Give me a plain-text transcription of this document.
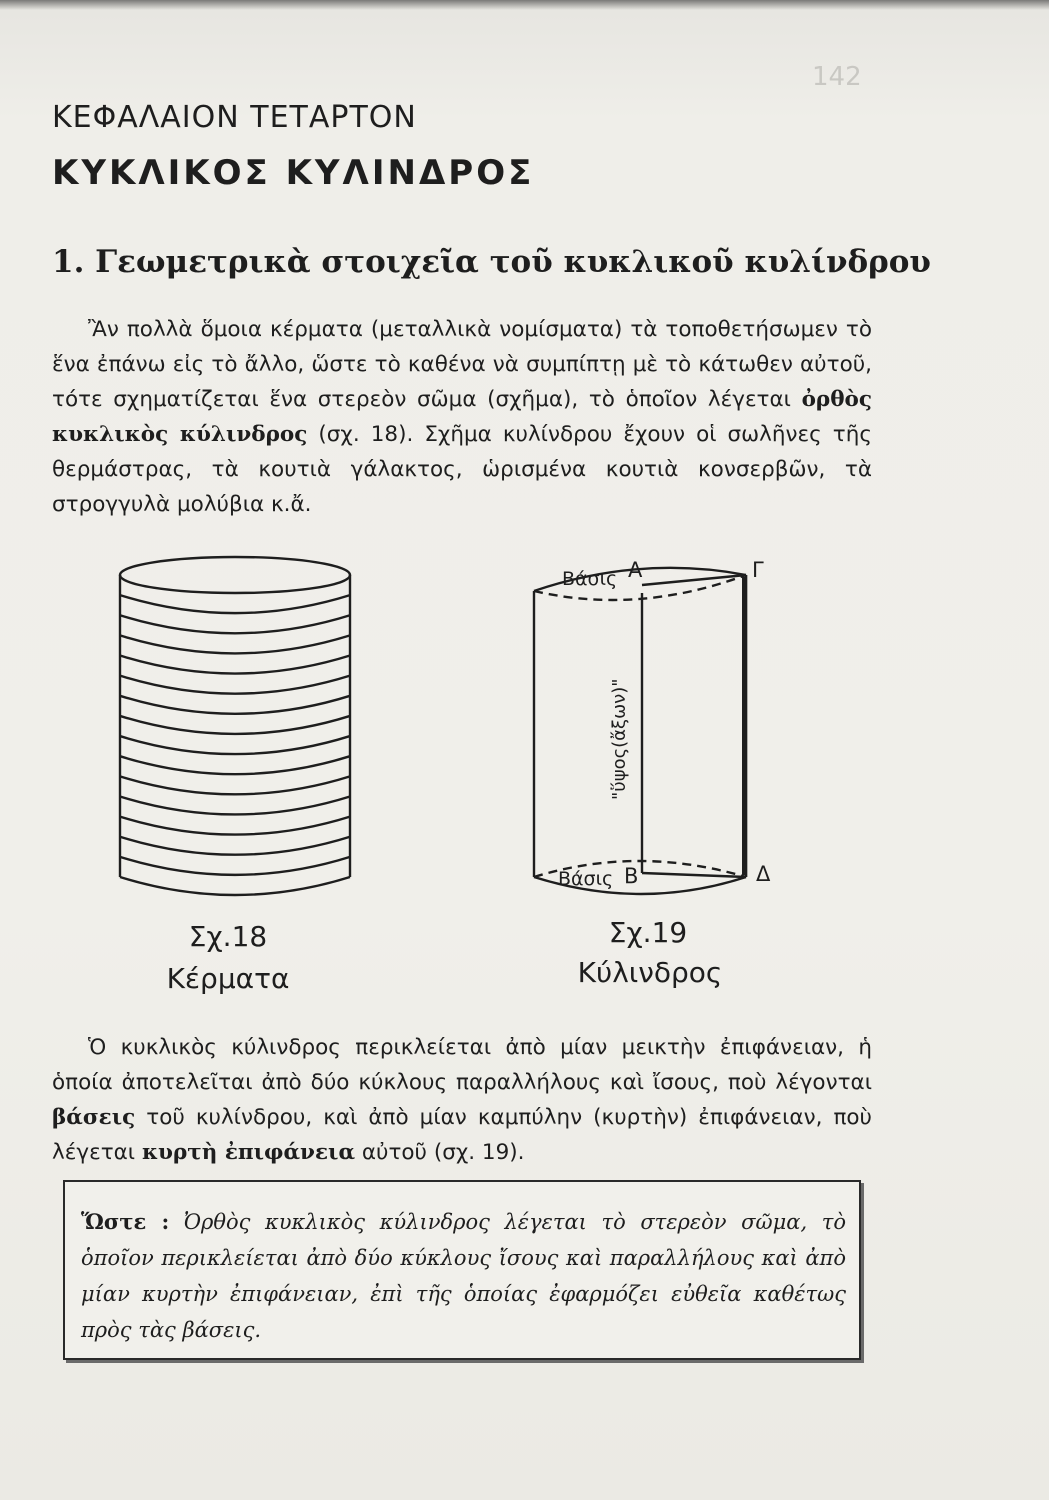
142
ΚΕΦΑΛΑΙΟΝ ΤΕΤΑΡΤΟΝ
ΚΥΚΛΙΚΟΣ ΚΥΛΙΝΔΡΟΣ
1. Γεωμετρικὰ στοιχεῖα τοῦ κυκλικοῦ κυλίνδρου
Ἂν πολλὰ ὅμοια κέρματα (μεταλλικὰ νομίσματα) τὰ τοποθετήσωμεν τὸ ἕνα ἐπάνω εἰς τὸ ἄλλο, ὥστε τὸ καθένα νὰ συμπίπτῃ μὲ τὸ κάτωθεν αὐτοῦ, τότε σχηματίζεται ἕνα στερεὸν σῶμα (σχῆμα), τὸ ὁποῖον λέγεται ὀρθὸς κυκλικὸς κύλινδρος (σχ. 18). Σχῆμα κυλίνδρου ἔχουν οἱ σωλῆνες τῆς θερμάστρας, τὰ κουτιὰ γάλακτος, ὡρισμένα κουτιὰ κονσερβῶν, τὰ στρογγυλὰ μολύβια κ.ἄ.
Σχ.18
Κέρματα
Βάσις Α	Γ
"ὕψος(ἄξων)"
Βάσις Β	Δ
Σχ.19
Κύλινδρος
Ὁ κυκλικὸς κύλινδρος περικλείεται ἀπὸ μίαν μεικτὴν ἐπιφάνειαν, ἡ ὁποία ἀποτελεῖται ἀπὸ δύο κύκλους παραλλήλους καὶ ἴσους, ποὺ λέγονται βάσεις τοῦ κυλίνδρου, καὶ ἀπὸ μίαν καμπύλην (κυρτὴν) ἐπιφάνειαν, ποὺ λέγεται κυρτὴ ἐπιφάνεια αὐτοῦ (σχ. 19).
Ὥστε : Ὀρθὸς κυκλικὸς κύλινδρος λέγεται τὸ στερεὸν σῶμα, τὸ ὁποῖον περικλείεται ἀπὸ δύο κύκλους ἴσους καὶ παραλλήλους καὶ ἀπὸ μίαν κυρτὴν ἐπιφάνειαν, ἐπὶ τῆς ὁποίας ἐφαρμόζει εὐθεῖα καθέτως πρὸς τὰς βάσεις.
